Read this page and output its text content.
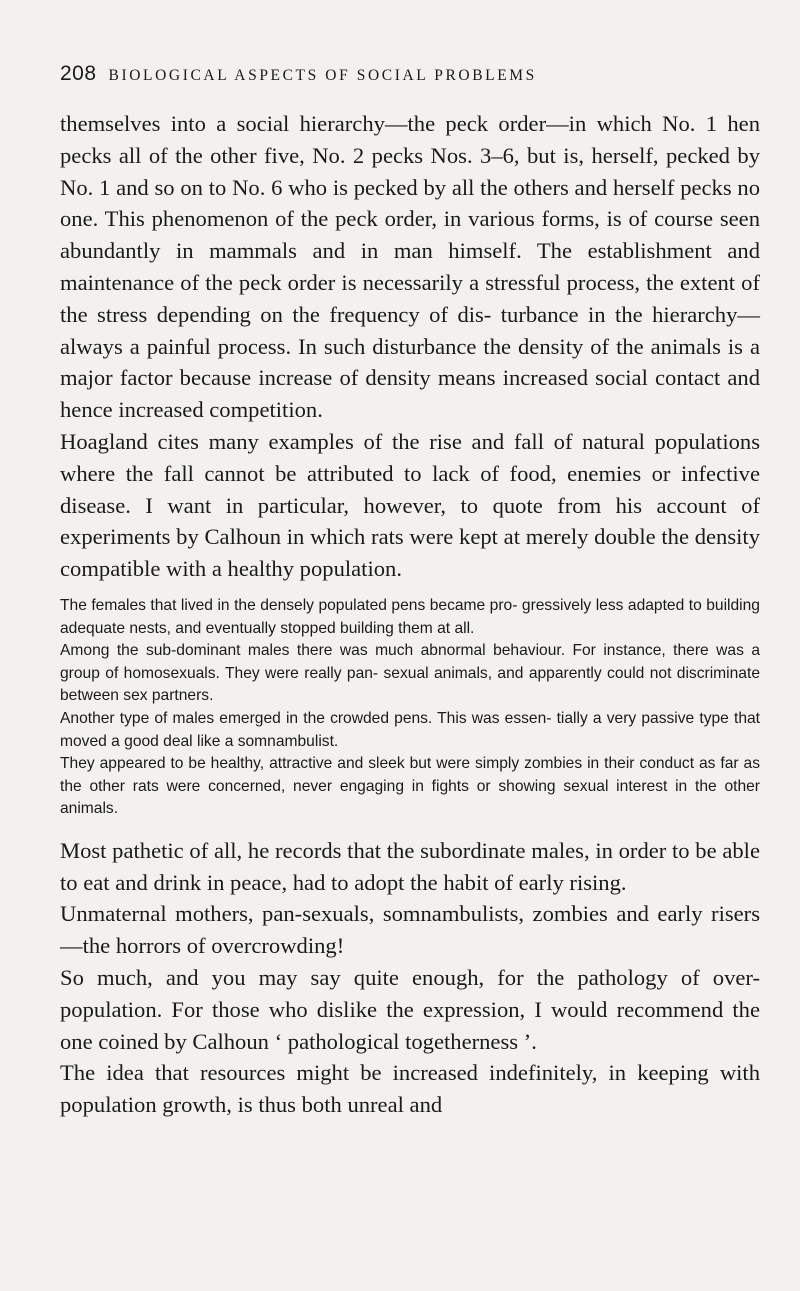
208 BIOLOGICAL ASPECTS OF SOCIAL PROBLEMS

themselves into a social hierarchy—the peck order—in which No. 1 hen pecks all of the other five, No. 2 pecks Nos. 3–6, but is, herself, pecked by No. 1 and so on to No. 6 who is pecked by all the others and herself pecks no one. This phenomenon of the peck order, in various forms, is of course seen abundantly in mammals and in man himself. The establishment and maintenance of the peck order is necessarily a stressful process, the extent of the stress depending on the frequency of dis- turbance in the hierarchy—always a painful process. In such disturbance the density of the animals is a major factor because increase of density means increased social contact and hence increased competition.

Hoagland cites many examples of the rise and fall of natural populations where the fall cannot be attributed to lack of food, enemies or infective disease. I want in particular, however, to quote from his account of experiments by Calhoun in which rats were kept at merely double the density compatible with a healthy population.

The females that lived in the densely populated pens became pro- gressively less adapted to building adequate nests, and eventually stopped building them at all.

Among the sub-dominant males there was much abnormal behaviour. For instance, there was a group of homosexuals. They were really pan- sexual animals, and apparently could not discriminate between sex partners.

Another type of males emerged in the crowded pens. This was essen- tially a very passive type that moved a good deal like a somnambulist.

They appeared to be healthy, attractive and sleek but were simply zombies in their conduct as far as the other rats were concerned, never engaging in fights or showing sexual interest in the other animals.

Most pathetic of all, he records that the subordinate males, in order to be able to eat and drink in peace, had to adopt the habit of early rising.

Unmaternal mothers, pan-sexuals, somnambulists, zombies and early risers—the horrors of overcrowding!

So much, and you may say quite enough, for the pathology of over-population. For those who dislike the expression, I would recommend the one coined by Calhoun ‘ pathological togetherness ’.

The idea that resources might be increased indefinitely, in keeping with population growth, is thus both unreal and
